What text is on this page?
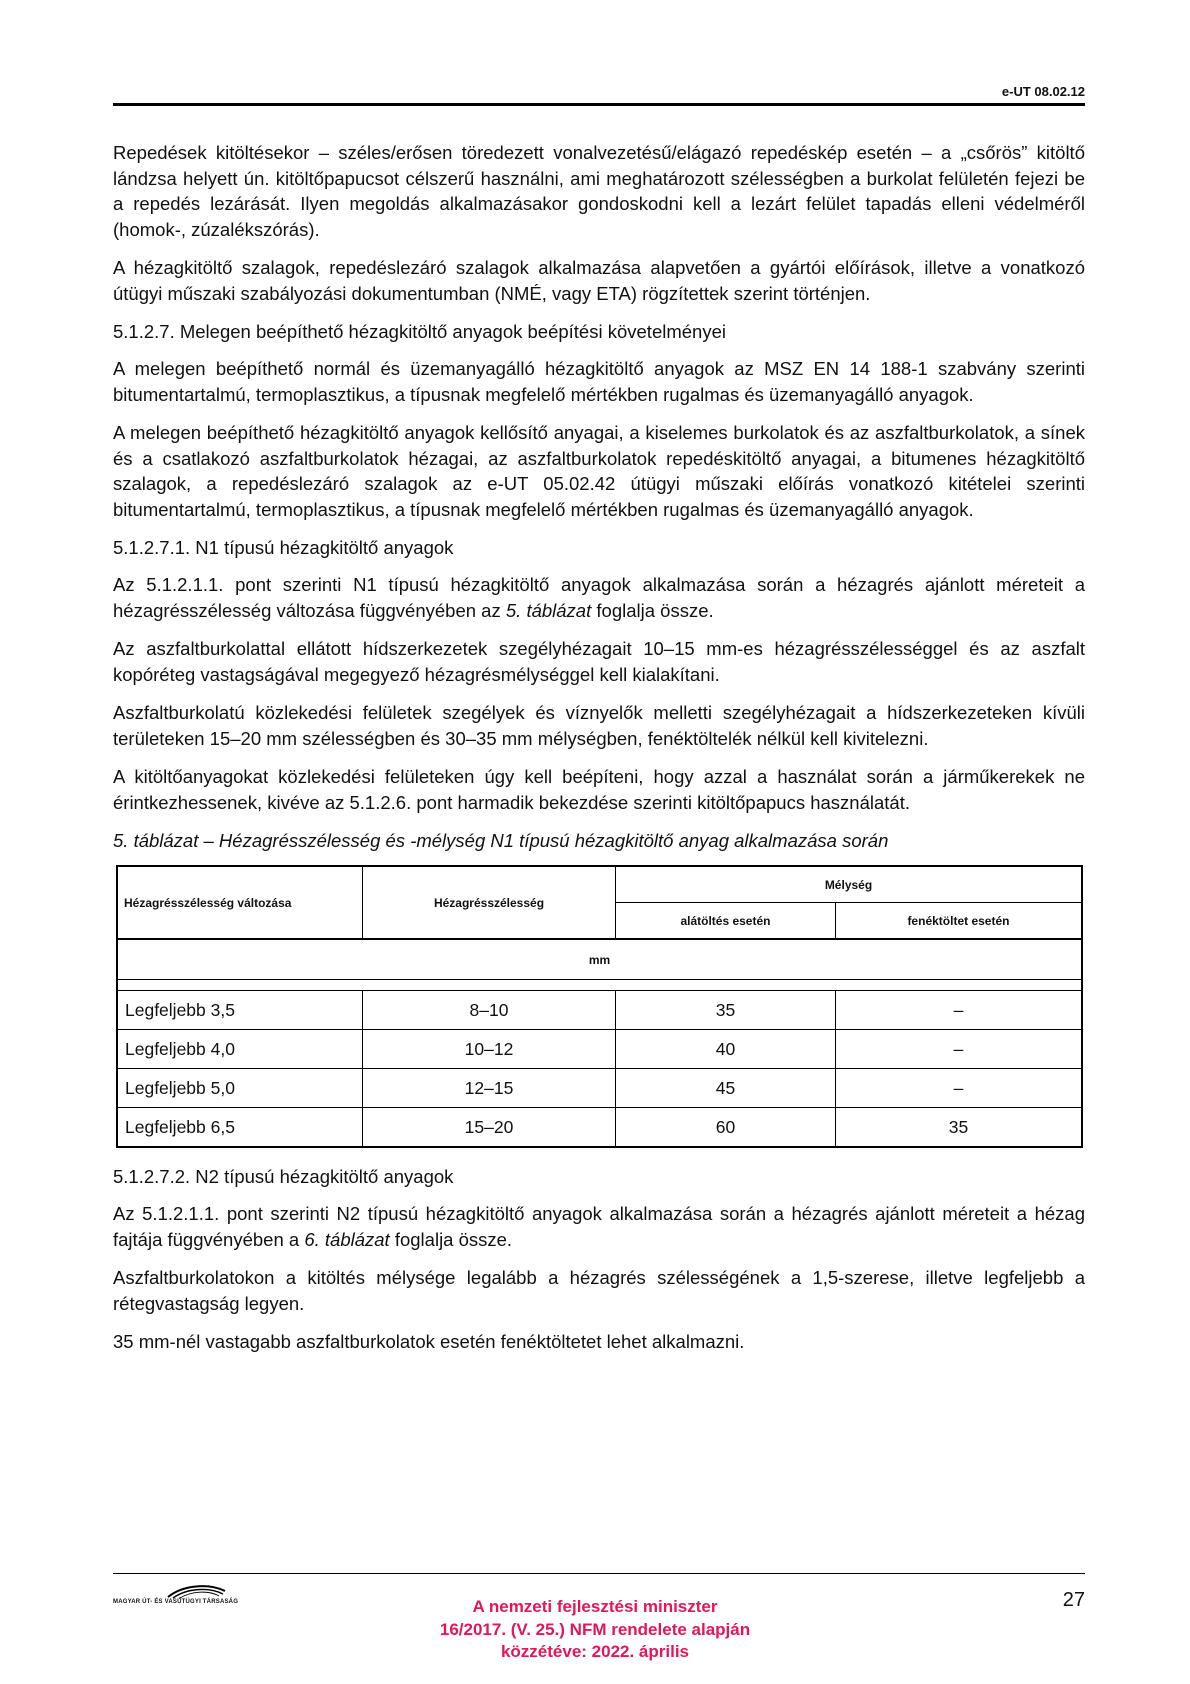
e-UT 08.02.12

Repedések kitöltésekor – széles/erősen töredezett vonalvezetésű/elágazó repedéskép esetén – a „csőrös” kitöltő lándzsa helyett ún. kitöltőpapucsot célszerű használni, ami meghatározott szélességben a burkolat felületén fejezi be a repedés lezárását. Ilyen megoldás alkalmazásakor gondoskodni kell a lezárt felület tapadás elleni védelméről (homok-, zúzalékszórás).

A hézagkitöltő szalagok, repedéslezáró szalagok alkalmazása alapvetően a gyártói előírások, illetve a vonatkozó útügyi műszaki szabályozási dokumentumban (NMÉ, vagy ETA) rögzítettek szerint történjen.

5.1.2.7. Melegen beépíthető hézagkitöltő anyagok beépítési követelményei

A melegen beépíthető normál és üzemanyagálló hézagkitöltő anyagok az MSZ EN 14 188-1 szabvány szerinti bitumentartalmú, termoplasztikus, a típusnak megfelelő mértékben rugalmas és üzemanyagálló anyagok.

A melegen beépíthető hézagkitöltő anyagok kellősítő anyagai, a kiselemes burkolatok és az aszfaltburkolatok, a sínek és a csatlakozó aszfaltburkolatok hézagai, az aszfaltburkolatok repedéskitöltő anyagai, a bitumenes hézagkitöltő szalagok, a repedéslezáró szalagok az e-UT 05.02.42 útügyi műszaki előírás vonatkozó kitételei szerinti bitumentartalmú, termoplasztikus, a típusnak megfelelő mértékben rugalmas és üzemanyagálló anyagok.

5.1.2.7.1. N1 típusú hézagkitöltő anyagok

Az 5.1.2.1.1. pont szerinti N1 típusú hézagkitöltő anyagok alkalmazása során a hézagrés ajánlott méreteit a hézagrésszélesség változása függvényében az 5. táblázat foglalja össze.

Az aszfaltburkolattal ellátott hídszerkezetek szegélyhézagait 10–15 mm-es hézagrésszélességgel és az aszfalt kopóréteg vastagságával megegyező hézagrésmélységgel kell kialakítani.

Aszfaltburkolatú közlekedési felületek szegélyek és víznyelők melletti szegélyhézagait a hídszerkezeteken kívüli területeken 15–20 mm szélességben és 30–35 mm mélységben, fenéktöltelék nélkül kell kivitelezni.

A kitöltőanyagokat közlekedési felületeken úgy kell beépíteni, hogy azzal a használat során a járműkerekek ne érintkezhessenek, kivéve az 5.1.2.6. pont harmadik bekezdése szerinti kitöltőpapucs használatát.

5. táblázat – Hézagrésszélesség és -mélység N1 típusú hézagkitöltő anyag alkalmazása során

Hézagrésszélesség változása	Hézagrésszélesség	Mélység	
		alátöltés esetén	fenéktöltet esetén
mm			

Legfeljebb 3,5	8–10	35	–
Legfeljebb 4,0	10–12	40	–
Legfeljebb 5,0	12–15	45	–
Legfeljebb 6,5	15–20	60	35

5.1.2.7.2. N2 típusú hézagkitöltő anyagok

Az 5.1.2.1.1. pont szerinti N2 típusú hézagkitöltő anyagok alkalmazása során a hézagrés ajánlott méreteit a hézag fajtája függvényében a 6. táblázat foglalja össze.

Aszfaltburkolatokon a kitöltés mélysége legalább a hézagrés szélességének a 1,5-szerese, illetve legfeljebb a rétegvastagság legyen.

35 mm-nél vastagabb aszfaltburkolatok esetén fenéktöltetet lehet alkalmazni.

MAGYAR ÚT- ÉS VASÚTÜGYI TÁRSASÁG	27
A nemzeti fejlesztési miniszter
16/2017. (V. 25.) NFM rendelete alapján
közzétéve: 2022. április
